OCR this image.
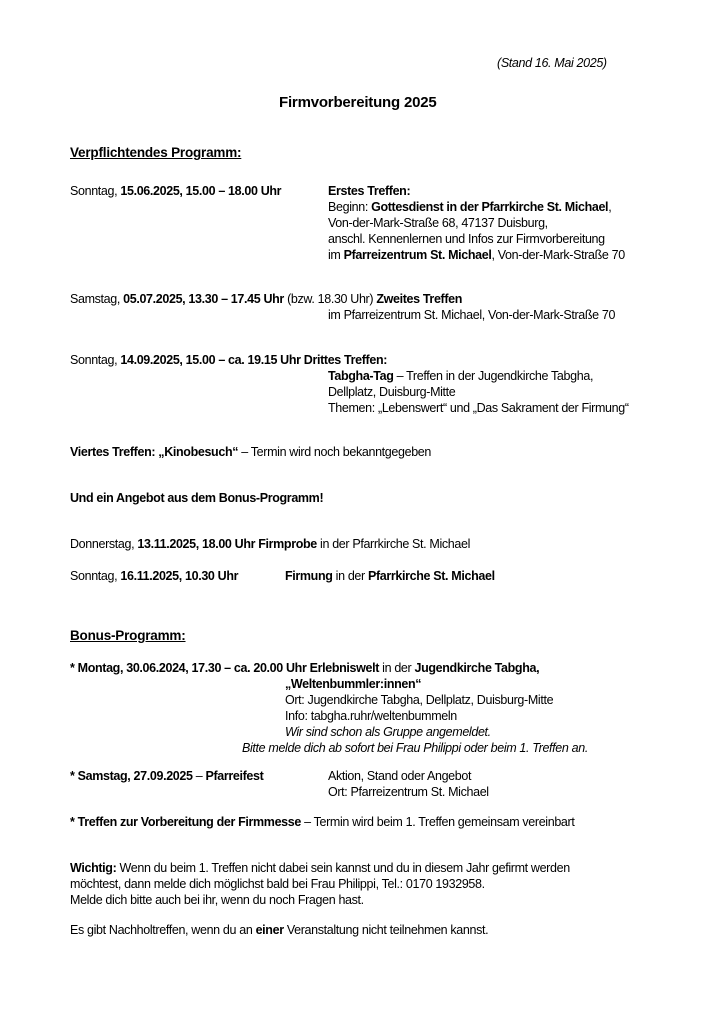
(Stand 16. Mai 2025)
Firmvorbereitung 2025
Verpflichtendes Programm:
Sonntag, 15.06.2025, 15.00 – 18.00 Uhr	Erstes Treffen:
Beginn: Gottesdienst in der Pfarrkirche St. Michael,
Von-der-Mark-Straße 68, 47137 Duisburg,
anschl. Kennenlernen und Infos zur Firmvorbereitung
im Pfarreizentrum St. Michael, Von-der-Mark-Straße 70
Samstag, 05.07.2025, 13.30 – 17.45 Uhr (bzw. 18.30 Uhr) Zweites Treffen
im Pfarreizentrum St. Michael, Von-der-Mark-Straße 70
Sonntag, 14.09.2025, 15.00 – ca. 19.15 Uhr Drittes Treffen:
Tabgha-Tag – Treffen in der Jugendkirche Tabgha,
Dellplatz, Duisburg-Mitte
Themen: „Lebenswert“ und „Das Sakrament der Firmung“
Viertes Treffen: „Kinobesuch“ – Termin wird noch bekanntgegeben
Und ein Angebot aus dem Bonus-Programm!
Donnerstag, 13.11.2025, 18.00 Uhr Firmprobe in der Pfarrkirche St. Michael
Sonntag, 16.11.2025, 10.30 Uhr	Firmung in der Pfarrkirche St. Michael
Bonus-Programm:
* Montag, 30.06.2024, 17.30 – ca. 20.00 Uhr Erlebniswelt in der Jugendkirche Tabgha,
„Weltenbummler:innen“
Ort: Jugendkirche Tabgha, Dellplatz, Duisburg-Mitte
Info: tabgha.ruhr/weltenbummeln
Wir sind schon als Gruppe angemeldet.
Bitte melde dich ab sofort bei Frau Philippi oder beim 1. Treffen an.
* Samstag, 27.09.2025 – Pfarreifest	Aktion, Stand oder Angebot
Ort: Pfarreizentrum St. Michael
* Treffen zur Vorbereitung der Firmmesse – Termin wird beim 1. Treffen gemeinsam vereinbart
Wichtig: Wenn du beim 1. Treffen nicht dabei sein kannst und du in diesem Jahr gefirmt werden
möchtest, dann melde dich möglichst bald bei Frau Philippi, Tel.: 0170 1932958.
Melde dich bitte auch bei ihr, wenn du noch Fragen hast.
Es gibt Nachholtreffen, wenn du an einer Veranstaltung nicht teilnehmen kannst.
